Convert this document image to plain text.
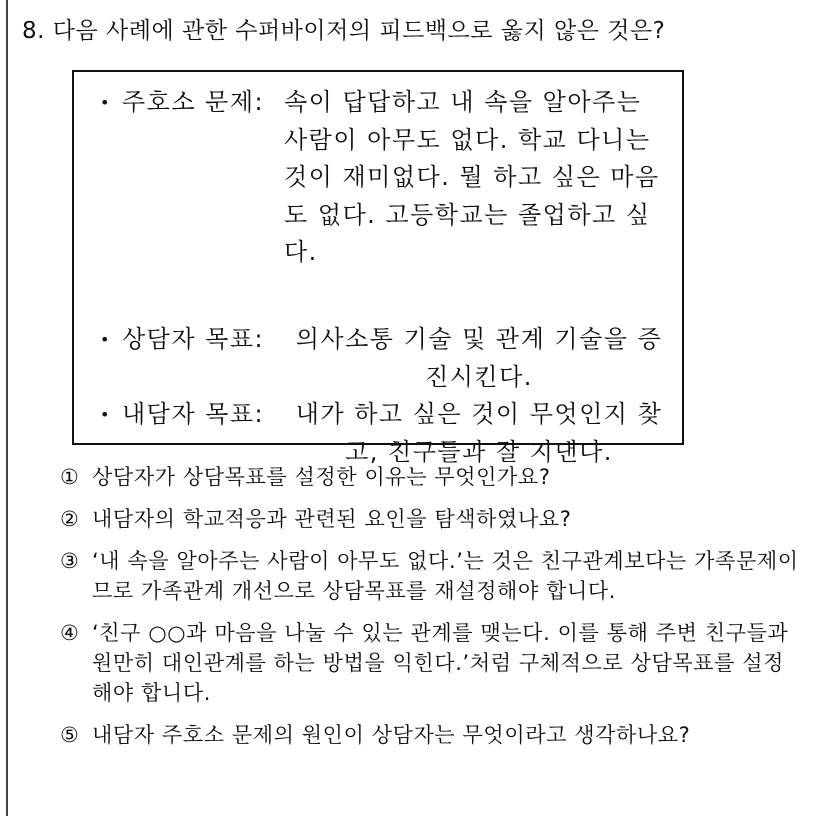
8. 다음 사례에 관한 수퍼바이저의 피드백으로 옳지 않은 것은?
• 주호소 문제: 속이 답답하고 내 속을 알아주는 사람이 아무도 없다. 학교 다니는 것이 재미없다. 뭘 하고 싶은 마음도 없다. 고등학교는 졸업하고 싶다.
• 상담자 목표:	의사소통 기술 및 관계 기술을 증진시킨다.
• 내담자 목표:	내가 하고 싶은 것이 무엇인지 찾고, 친구들과 잘 지낸다.
① 상담자가 상담목표를 설정한 이유는 무엇인가요?
② 내담자의 학교적응과 관련된 요인을 탐색하였나요?
③ ‘내 속을 알아주는 사람이 아무도 없다.’는 것은 친구관계보다는 가족문제이므로 가족관계 개선으로 상담목표를 재설정해야 합니다.
④ ‘친구 ○○과 마음을 나눌 수 있는 관계를 맺는다. 이를 통해 주변 친구들과 원만히 대인관계를 하는 방법을 익힌다.’처럼 구체적으로 상담목표를 설정해야 합니다.
⑤ 내담자 주호소 문제의 원인이 상담자는 무엇이라고 생각하나요?
